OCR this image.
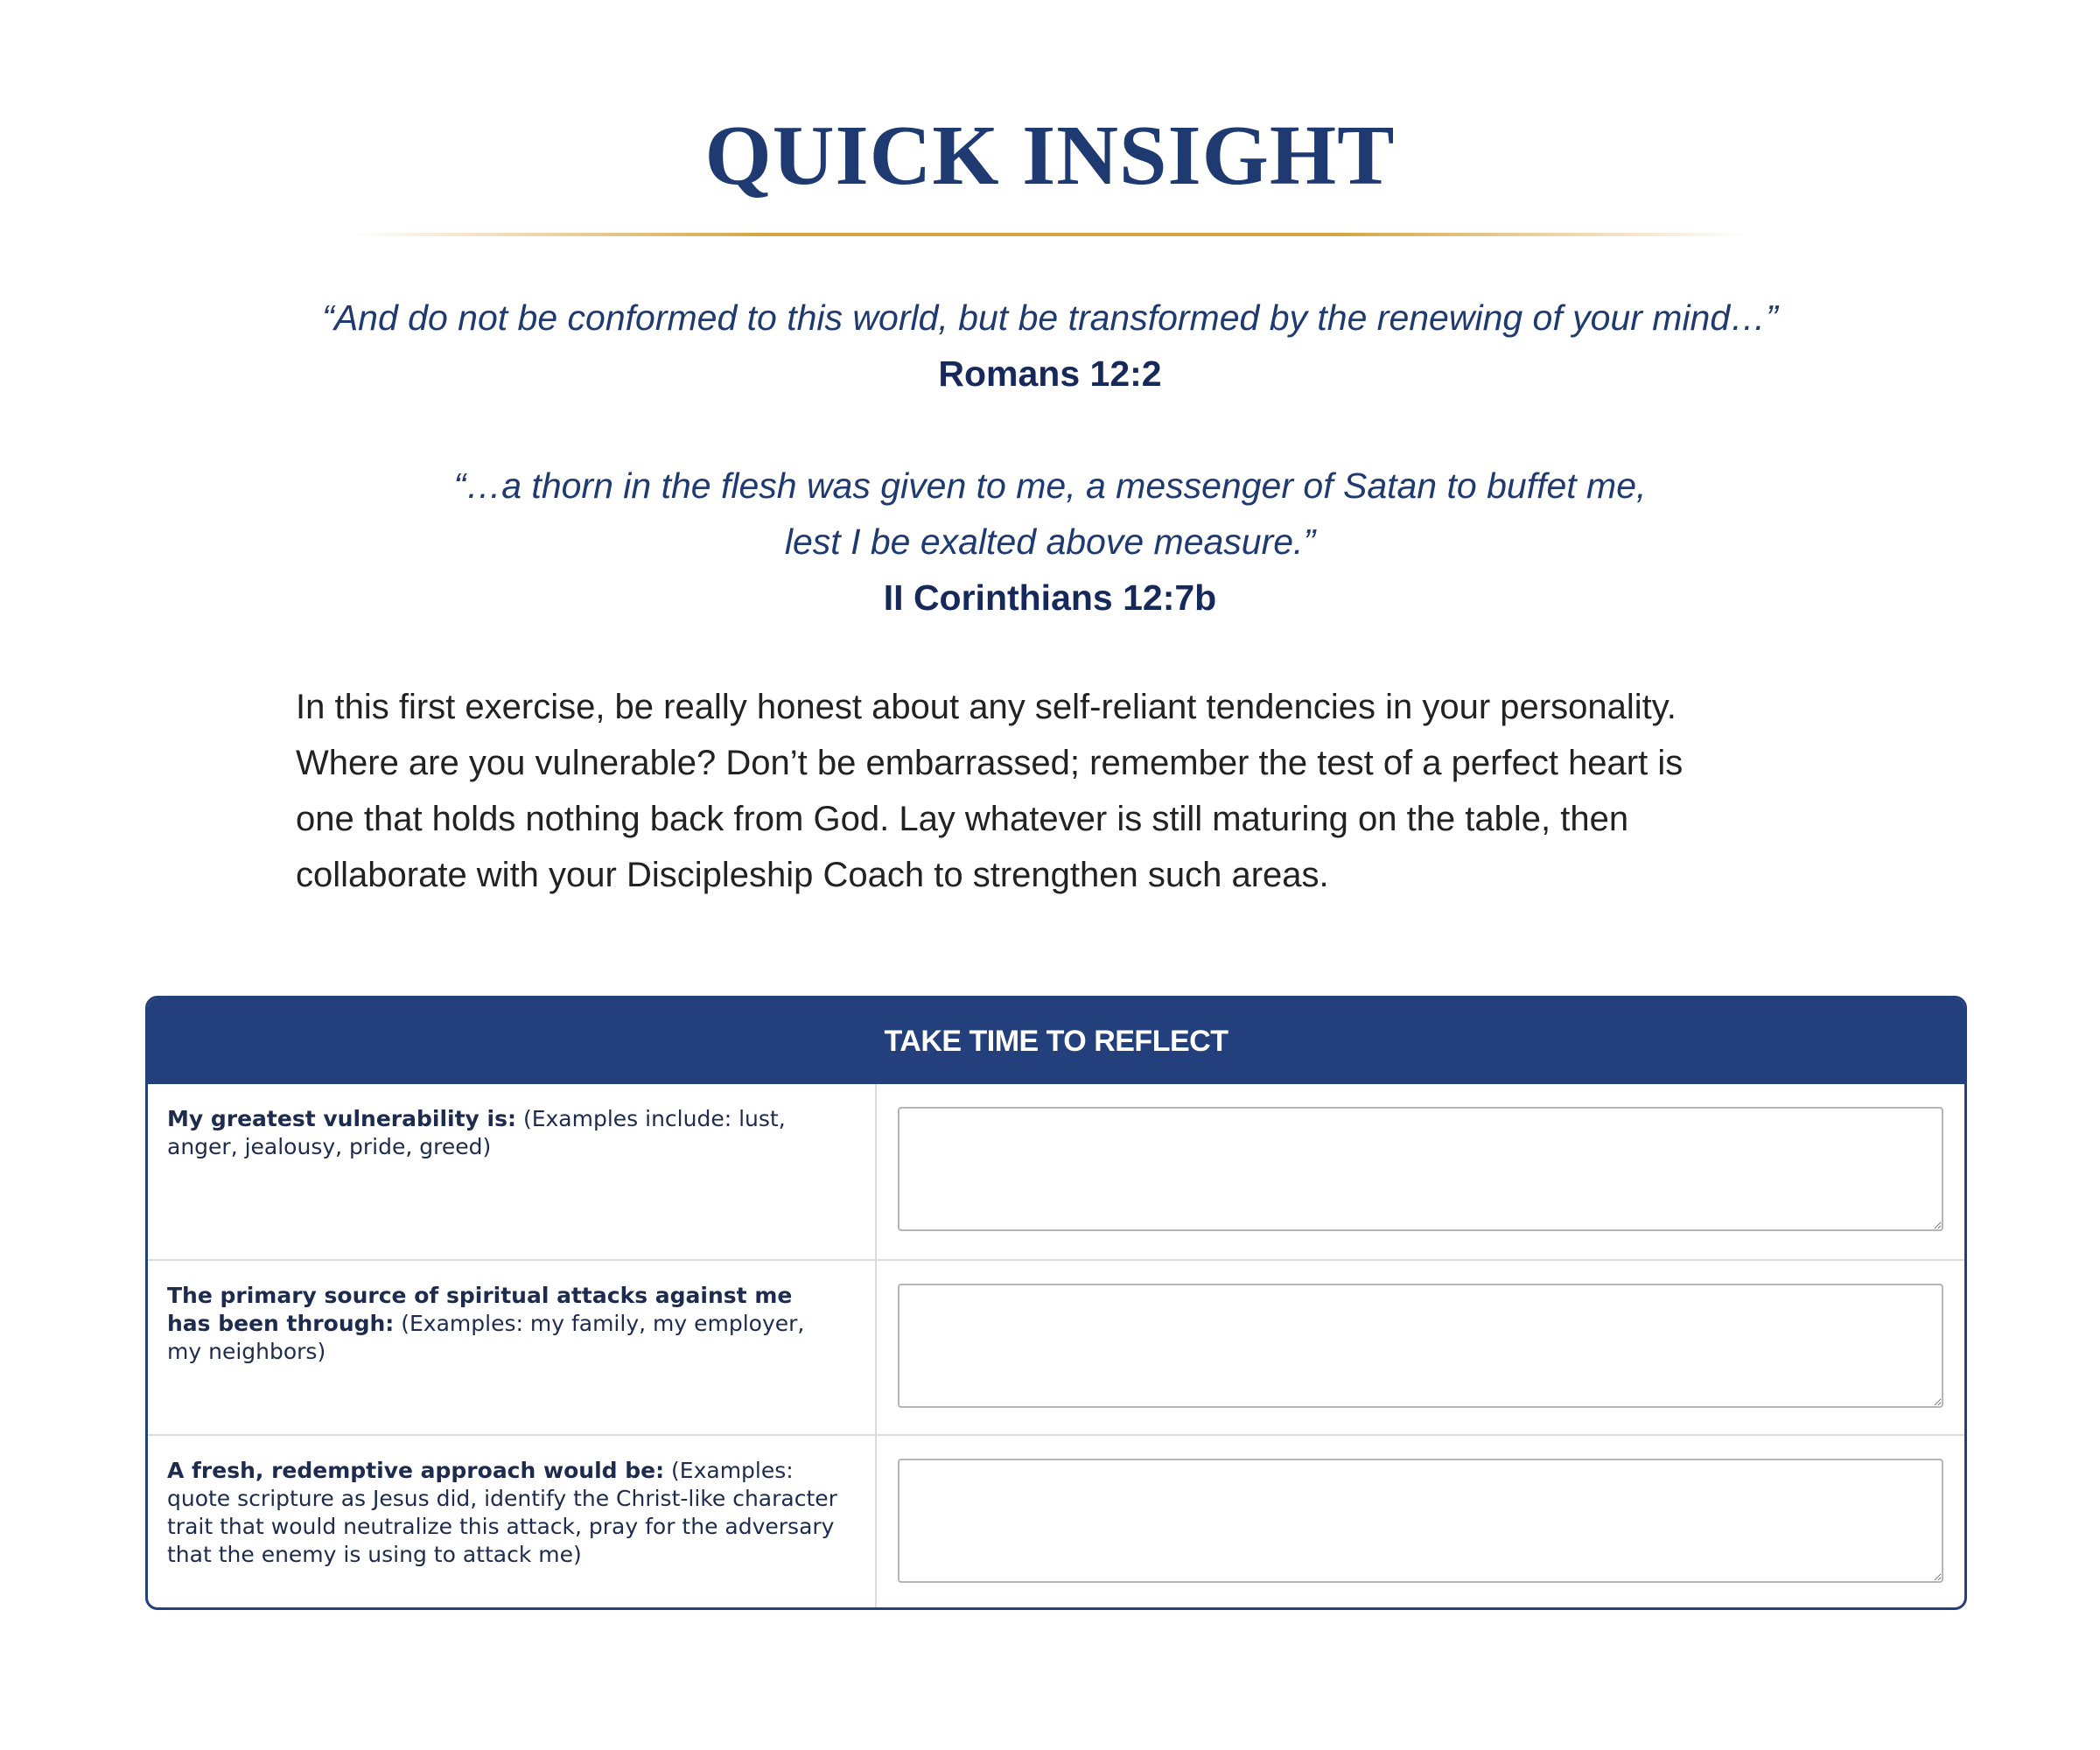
QUICK INSIGHT

“And do not be conformed to this world, but be transformed by the renewing of your mind…”

Romans 12:2

“…a thorn in the flesh was given to me, a messenger of Satan to buffet me,

lest I be exalted above measure.”

II Corinthians 12:7b

In this first exercise, be really honest about any self-reliant tendencies in your personality.
Where are you vulnerable? Don’t be embarrassed; remember the test of a perfect heart is
one that holds nothing back from God. Lay whatever is still maturing on the table, then
collaborate with your Discipleship Coach to strengthen such areas.
TAKE TIME TO REFLECT
My greatest vulnerability is: (Examples include: lust, anger, jealousy, pride, greed)
The primary source of spiritual attacks against me has been through: (Examples: my family, my employer, my neighbors)
A fresh, redemptive approach would be: (Examples: quote scripture as Jesus did, identify the Christ-like character trait that would neutralize this attack, pray for the adversary that the enemy is using to attack me)
